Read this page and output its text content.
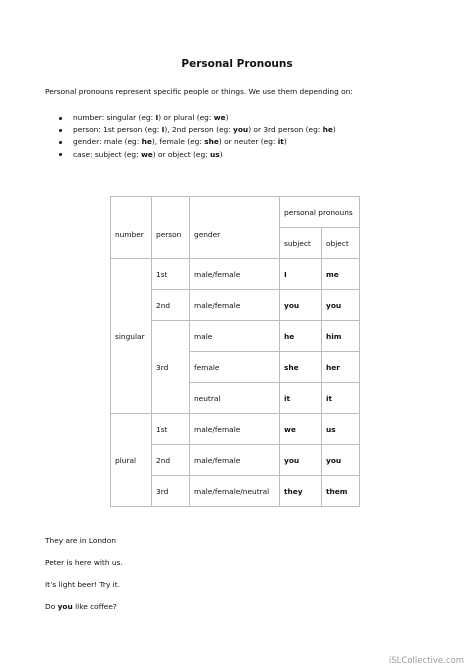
Personal Pronouns
Personal pronouns represent specific people or things. We use them depending on:
number: singular (eg: I) or plural (eg: we)
person: 1st person (eg: I), 2nd person (eg: you) or 3rd person (eg: he)
gender: male (eg: he), female (eg: she) or neuter (eg: it)
case: subject (eg: we) or object (eg: us)
number	person	gender	personal pronouns	
			subject	object
singular	1st	male/female	I	me
	2nd	male/female	you	you
	3rd	male	he	him
		female	she	her
		neutral	it	it
plural	1st	male/female	we	us
	2nd	male/female	you	you
	3rd	male/female/neutral	they	them
They are in London
Peter is here with us.
It’s light beer! Try it.
Do you like coffee?
iSLCollective.com
